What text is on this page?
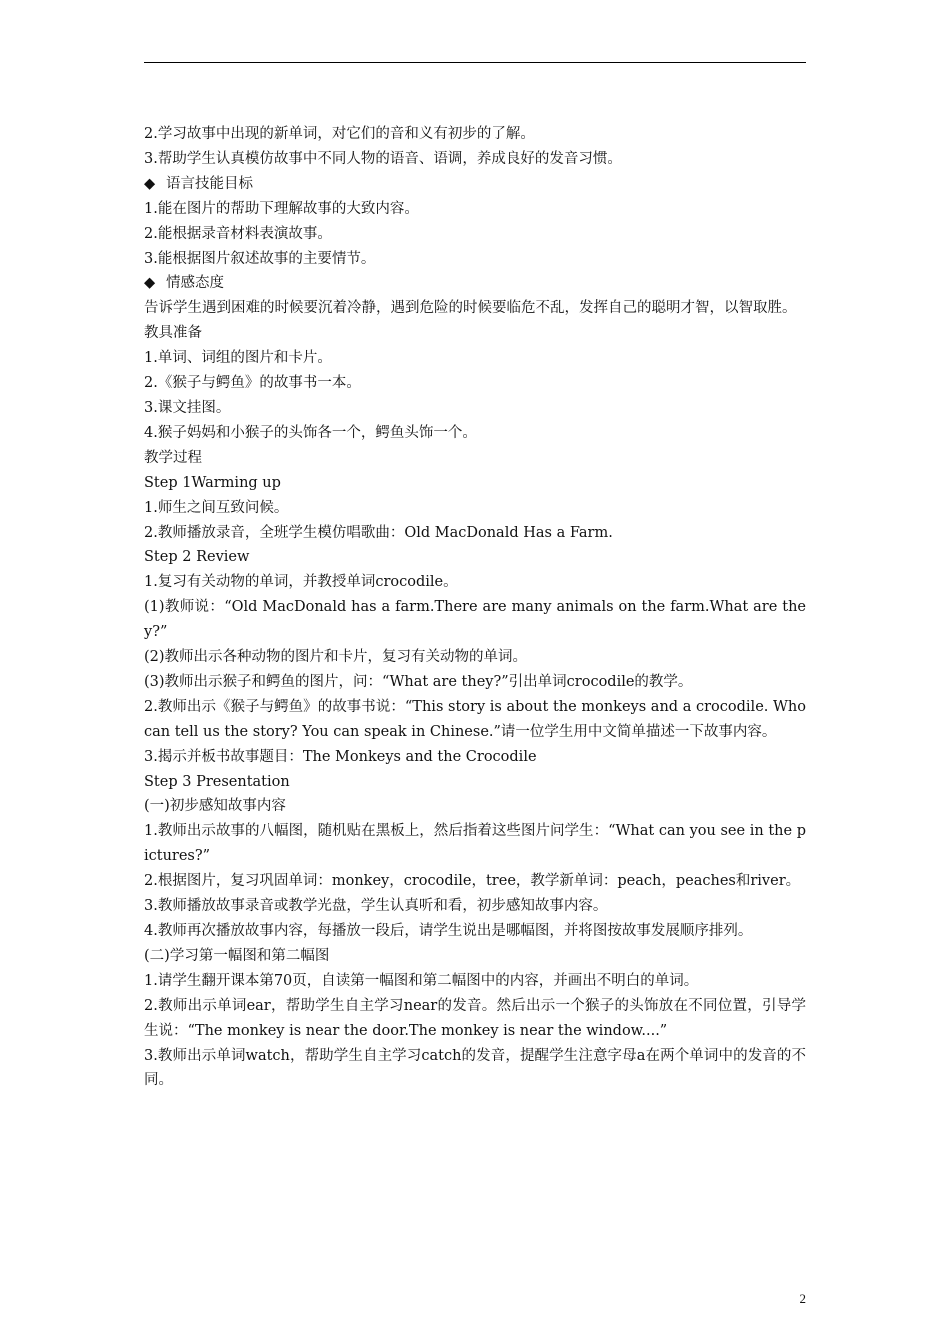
2.学习故事中出现的新单词，对它们的音和义有初步的了解。

3.帮助学生认真模仿故事中不同人物的语音、语调，养成良好的发音习惯。

◆ 语言技能目标

1.能在图片的帮助下理解故事的大致内容。

2.能根据录音材料表演故事。

3.能根据图片叙述故事的主要情节。

◆ 情感态度

告诉学生遇到困难的时候要沉着冷静，遇到危险的时候要临危不乱，发挥自己的聪明才智，以智取胜。

教具准备

1.单词、词组的图片和卡片。

2.《猴子与鳄鱼》的故事书一本。

3.课文挂图。

4.猴子妈妈和小猴子的头饰各一个，鳄鱼头饰一个。

教学过程

Step 1Warming up

1.师生之间互致问候。

2.教师播放录音，全班学生模仿唱歌曲：Old MacDonald Has a Farm.

Step 2 Review

1.复习有关动物的单词，并教授单词crocodile。

(1)教师说：“Old MacDonald has a farm.There are many animals on the farm.What are they?”

(2)教师出示各种动物的图片和卡片，复习有关动物的单词。

(3)教师出示猴子和鳄鱼的图片，问：“What are they?”引出单词crocodile的教学。

2.教师出示《猴子与鳄鱼》的故事书说：“This story is about the monkeys and a crocodile. Who can tell us the story? You can speak in Chinese.”请一位学生用中文简单描述一下故事内容。

3.揭示并板书故事题目：The Monkeys and the Crocodile

Step 3 Presentation

(一)初步感知故事内容

1.教师出示故事的八幅图，随机贴在黑板上，然后指着这些图片问学生：“What can you see in the pictures?”

2.根据图片，复习巩固单词：monkey，crocodile，tree，教学新单词：peach，peaches和river。

3.教师播放故事录音或教学光盘，学生认真听和看，初步感知故事内容。

4.教师再次播放故事内容，每播放一段后，请学生说出是哪幅图，并将图按故事发展顺序排列。

(二)学习第一幅图和第二幅图

1.请学生翻开课本第70页，自读第一幅图和第二幅图中的内容，并画出不明白的单词。

2.教师出示单词ear，帮助学生自主学习near的发音。然后出示一个猴子的头饰放在不同位置，引导学生说：“The monkey is near the door.The monkey is near the window....”

3.教师出示单词watch，帮助学生自主学习catch的发音，提醒学生注意字母a在两个单词中的发音的不同。

2
